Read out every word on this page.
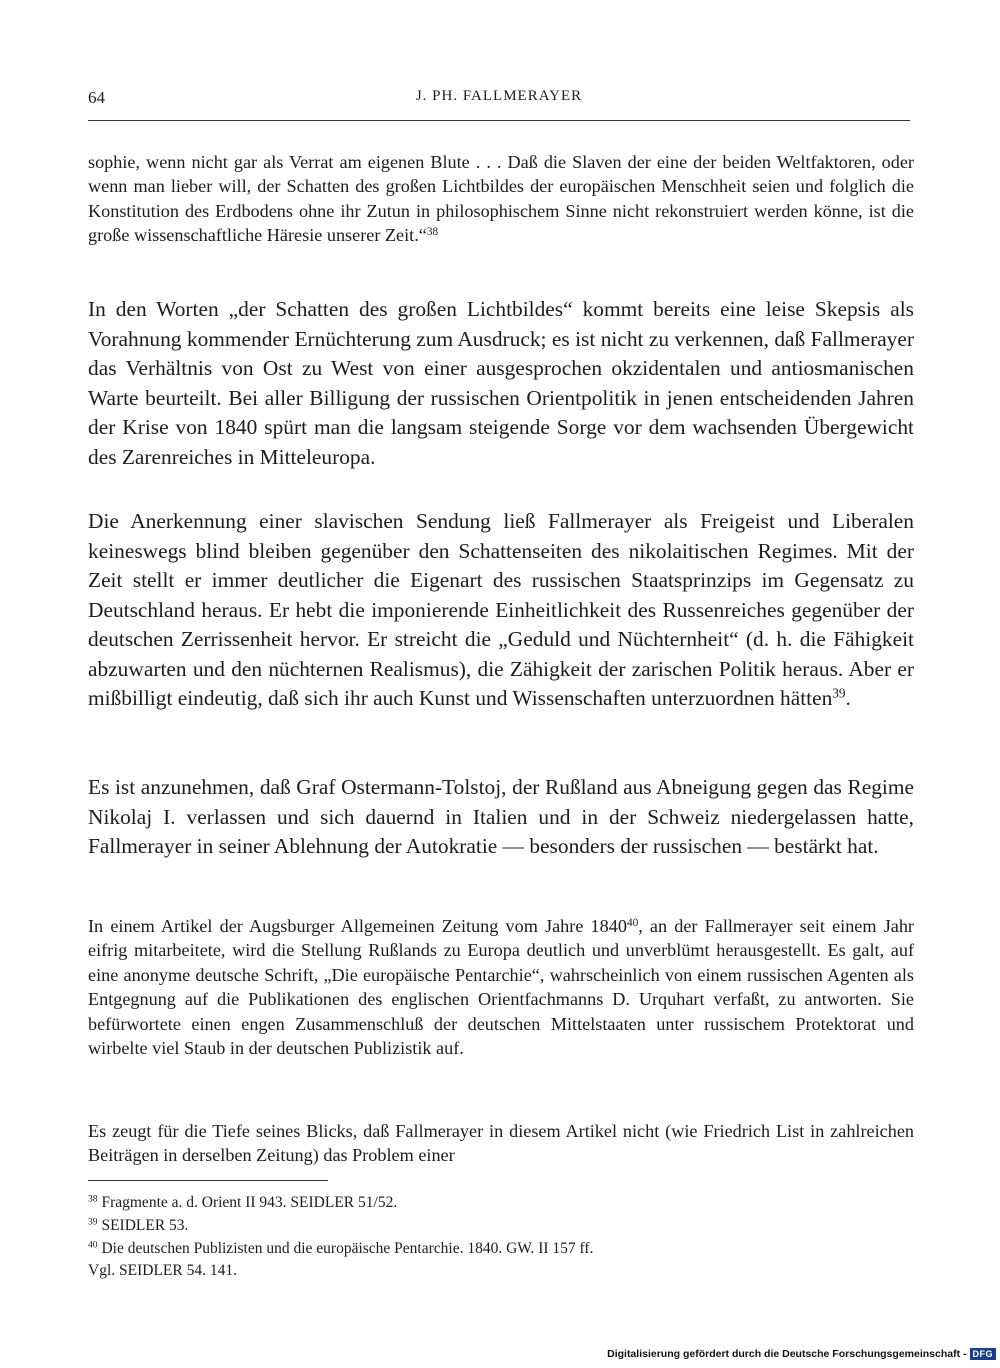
64	J. PH. FALLMERAYER

sophie, wenn nicht gar als Verrat am eigenen Blute . . . Daß die Slaven der eine der beiden Weltfaktoren, oder wenn man lieber will, der Schatten des großen Lichtbildes der europäischen Menschheit seien und folglich die Konstitution des Erdbodens ohne ihr Zutun in philosophischem Sinne nicht rekonstruiert werden könne, ist die große wissenschaftliche Häresie unserer Zeit.“$^{38}$

In den Worten „der Schatten des großen Lichtbildes“ kommt bereits eine leise Skepsis als Vorahnung kommender Ernüchterung zum Ausdruck; es ist nicht zu verkennen, daß Fallmerayer das Verhältnis von Ost zu West von einer ausgesprochen okzidentalen und antiosmanischen Warte beurteilt. Bei aller Billigung der russischen Orientpolitik in jenen entscheidenden Jahren der Krise von 1840 spürt man die langsam steigende Sorge vor dem wachsenden Übergewicht des Zarenreiches in Mitteleuropa.

Die Anerkennung einer slavischen Sendung ließ Fallmerayer als Freigeist und Liberalen keineswegs blind bleiben gegenüber den Schattenseiten des nikolaitischen Regimes. Mit der Zeit stellt er immer deutlicher die Eigenart des russischen Staatsprinzips im Gegensatz zu Deutschland heraus. Er hebt die imponierende Einheitlichkeit des Russenreiches gegenüber der deutschen Zerrissenheit hervor. Er streicht die „Geduld und Nüchternheit“ (d. h. die Fähigkeit abzuwarten und den nüchternen Realismus), die Zähigkeit der zarischen Politik heraus. Aber er mißbilligt eindeutig, daß sich ihr auch Kunst und Wissenschaften unterzuordnen hätten$^{39}$.

Es ist anzunehmen, daß Graf Ostermann-Tolstoj, der Rußland aus Abneigung gegen das Regime Nikolaj I. verlassen und sich dauernd in Italien und in der Schweiz niedergelassen hatte, Fallmerayer in seiner Ablehnung der Autokratie — besonders der russischen — bestärkt hat.

In einem Artikel der Augsburger Allgemeinen Zeitung vom Jahre 1840$^{40}$, an der Fallmerayer seit einem Jahr eifrig mitarbeitete, wird die Stellung Rußlands zu Europa deutlich und unverblümt herausgestellt. Es galt, auf eine anonyme deutsche Schrift, „Die europäische Pentarchie“, wahrscheinlich von einem russischen Agenten als Entgegnung auf die Publikationen des englischen Orientfachmanns D. Urquhart verfaßt, zu antworten. Sie befürwortete einen engen Zusammenschluß der deutschen Mittelstaaten unter russischem Protektorat und wirbelte viel Staub in der deutschen Publizistik auf.

Es zeugt für die Tiefe seines Blicks, daß Fallmerayer in diesem Artikel nicht (wie Friedrich List in zahlreichen Beiträgen in derselben Zeitung) das Problem einer

$^{38}$ Fragmente a. d. Orient II 943. SEIDLER 51/52.

$^{39}$ SEIDLER 53.

$^{40}$ Die deutschen Publizisten und die europäische Pentarchie. 1840. GW. II 157 ff.

Vgl. SEIDLER 54. 141.

Digitalisierung gefördert durch die Deutsche Forschungsgemeinschaft - DFG
